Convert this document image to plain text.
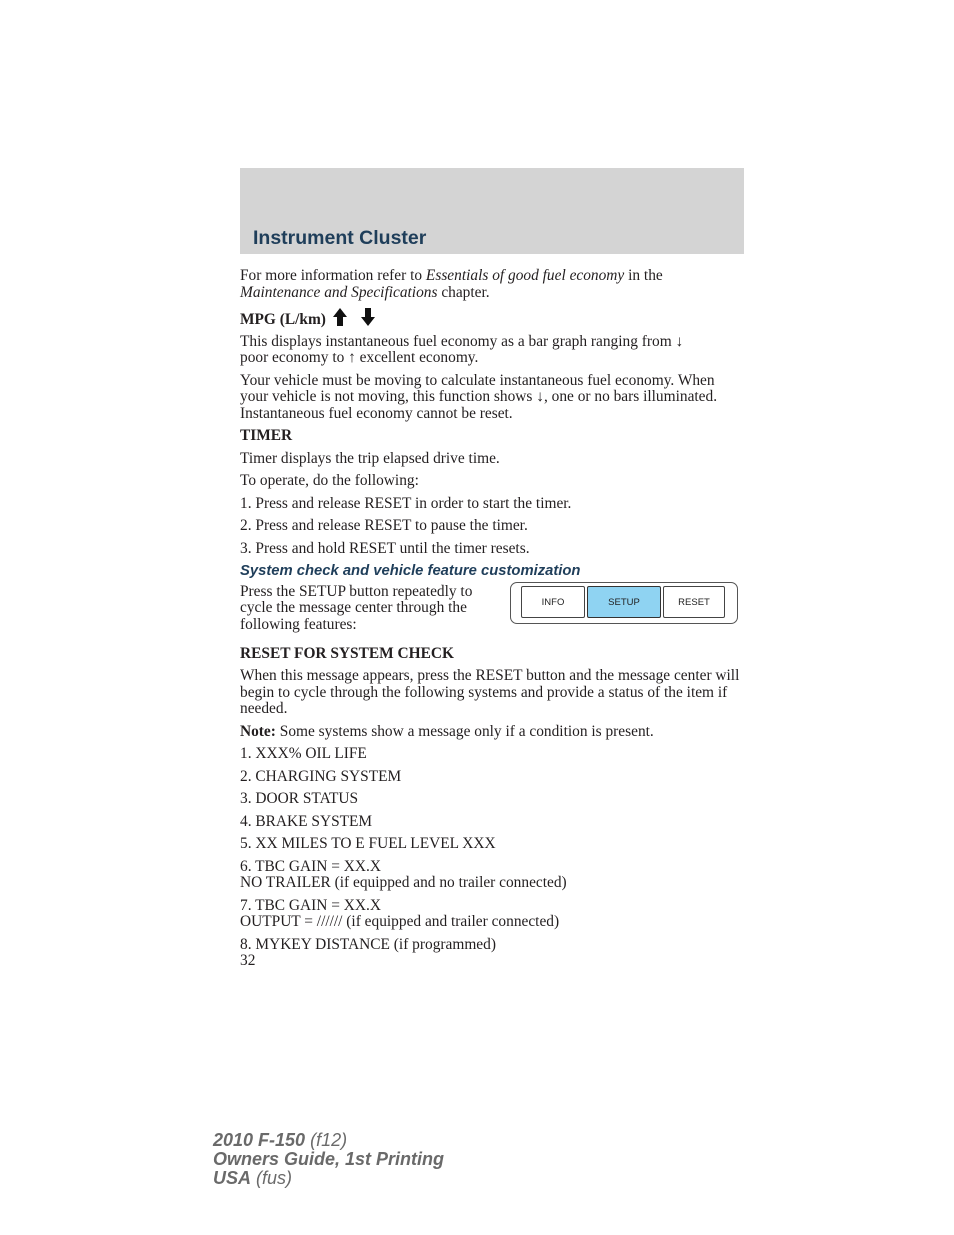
Instrument Cluster

For more information refer to Essentials of good fuel economy in the
Maintenance and Specifications chapter.

MPG (L/km)

This displays instantaneous fuel economy as a bar graph ranging from ↓
poor economy to ↑ excellent economy.

Your vehicle must be moving to calculate instantaneous fuel economy. When your vehicle is not moving, this function shows ↓, one or no bars illuminated. Instantaneous fuel economy cannot be reset.

TIMER

Timer displays the trip elapsed drive time.

To operate, do the following:

1. Press and release RESET in order to start the timer.

2. Press and release RESET to pause the timer.

3. Press and hold RESET until the timer resets.

System check and vehicle feature customization

Press the SETUP button repeatedly to cycle the message center through the following features:
INFO	SETUP	RESET

RESET FOR SYSTEM CHECK

When this message appears, press the RESET button and the message center will begin to cycle through the following systems and provide a status of the item if needed.

Note: Some systems show a message only if a condition is present.

1. XXX% OIL LIFE

2. CHARGING SYSTEM

3. DOOR STATUS

4. BRAKE SYSTEM

5. XX MILES TO E FUEL LEVEL XXX

6. TBC GAIN = XX.X
NO TRAILER (if equipped and no trailer connected)

7. TBC GAIN = XX.X
OUTPUT = ////// (if equipped and trailer connected)

8. MYKEY DISTANCE (if programmed)

32

2010 F-150 (f12)
Owners Guide, 1st Printing
USA (fus)
